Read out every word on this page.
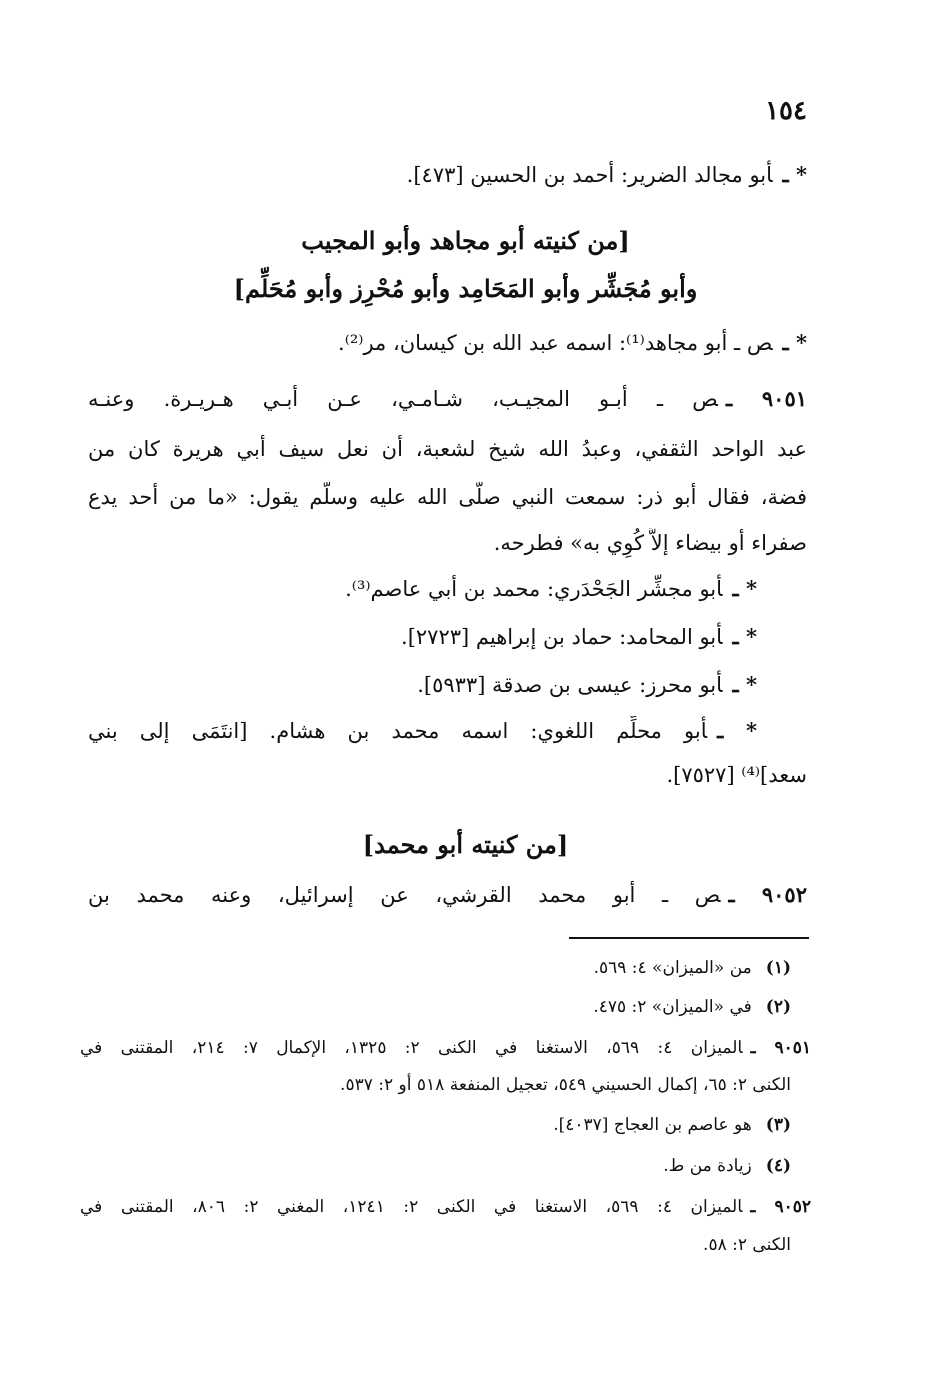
١٥٤
* ـأبو مجالد الضرير: أحمد بن الحسين [٤٧٣].
[من كنيته أبو مجاهد وأبو المجيب
وأبو مُجَشِّر وأبو المَحَامِد وأبو مُحْرِز وأبو مُحَلِّم]
* ـص ـ أبو مجاهد⁽¹⁾: اسمه عبد الله بن كيسان، مر⁽²⁾.
٩٠٥١ ـص ـ أبـو المجيـب، شـامـي، عـن أبـي هـريـرة. وعنـه
عبد الواحد الثقفي، وعبدُ الله شيخ لشعبة، أن نعل سيف أبي هريرة كان من
فضة، فقال أبو ذر: سمعت النبي صلَّى الله عليه وسلَّم يقول: «ما من أحد يدع
صفراء أو بيضاء إلاَّ كُوِي به» فطرحه.
* ـأبو مجشِّر الجَحْدَري: محمد بن أبي عاصم⁽³⁾.
* ـأبو المحامد: حماد بن إبراهيم [٢٧٢٣].
* ـأبو محرز: عيسى بن صدقة [٥٩٣٣].
* ـأبو محلِّم اللغوي: اسمه محمد بن هشام. [انتَمَى إلى بني
سعد]⁽⁴⁾ [٧٥٢٧].
[من كنيته أبو محمد]
٩٠٥٢ ـص ـ أبو محمد القرشي، عن إسرائيل، وعنه محمد بن
(١)من «الميزان» ٤: ٥٦٩.
(٢)في «الميزان» ٢: ٤٧٥.
٩٠٥١ ـالميزان ٤: ٥٦٩، الاستغنا في الكنى ٢: ١٣٢٥، الإكمال ٧: ٢١٤، المقتنى في
الكنى ٢: ٦٥، إكمال الحسيني ٥٤٩، تعجيل المنفعة ٥١٨ أو ٢: ٥٣٧.
(٣)هو عاصم بن العجاج [٤٠٣٧].
(٤)زيادة من ط.
٩٠٥٢ ـالميزان ٤: ٥٦٩، الاستغنا في الكنى ٢: ١٢٤١، المغني ٢: ٨٠٦، المقتنى في
الكنى ٢: ٥٨.
